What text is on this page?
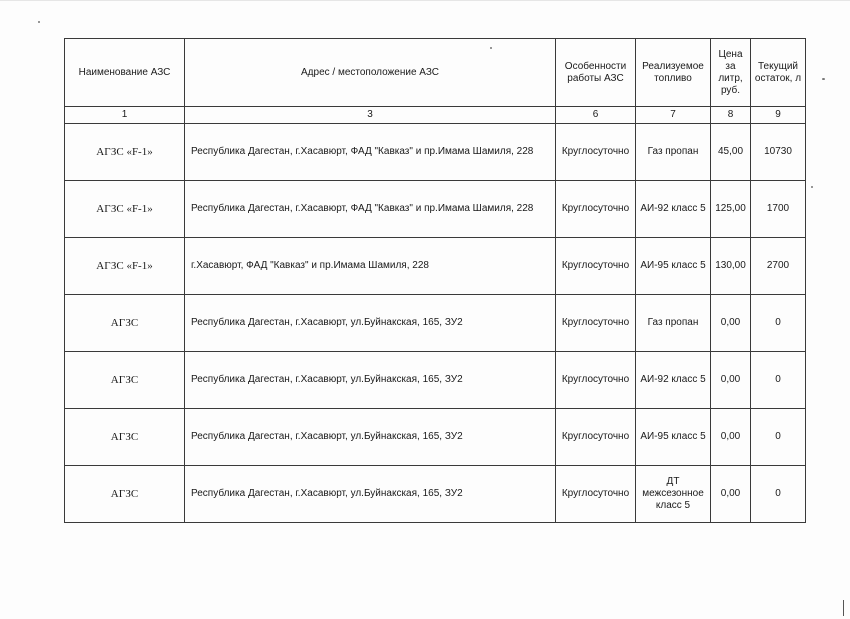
Наименование АЗС	Адрес / местоположение АЗС	Особенности работы АЗС	Реализуемое топливо	Цена за литр, руб.	Текущий остаток, л
1	3	6	7	8	9
АГЗС «F-1»	Республика Дагестан, г.Хасавюрт, ФАД "Кавказ" и пр.Имама Шамиля, 228	Круглосуточно	Газ пропан	45,00	10730
АГЗС «F-1»	Республика Дагестан, г.Хасавюрт, ФАД "Кавказ" и пр.Имама Шамиля, 228	Круглосуточно	АИ-92 класс 5	125,00	1700
АГЗС «F-1»	г.Хасавюрт, ФАД "Кавказ" и пр.Имама Шамиля, 228	Круглосуточно	АИ-95 класс 5	130,00	2700
АГЗС	Республика Дагестан, г.Хасавюрт, ул.Буйнакская, 165, ЗУ2	Круглосуточно	Газ пропан	0,00	0
АГЗС	Республика Дагестан, г.Хасавюрт, ул.Буйнакская, 165, ЗУ2	Круглосуточно	АИ-92 класс 5	0,00	0
АГЗС	Республика Дагестан, г.Хасавюрт, ул.Буйнакская, 165, ЗУ2	Круглосуточно	АИ-95 класс 5	0,00	0
АГЗС	Республика Дагестан, г.Хасавюрт, ул.Буйнакская, 165, ЗУ2	Круглосуточно	ДТ межсезонное класс 5	0,00	0
